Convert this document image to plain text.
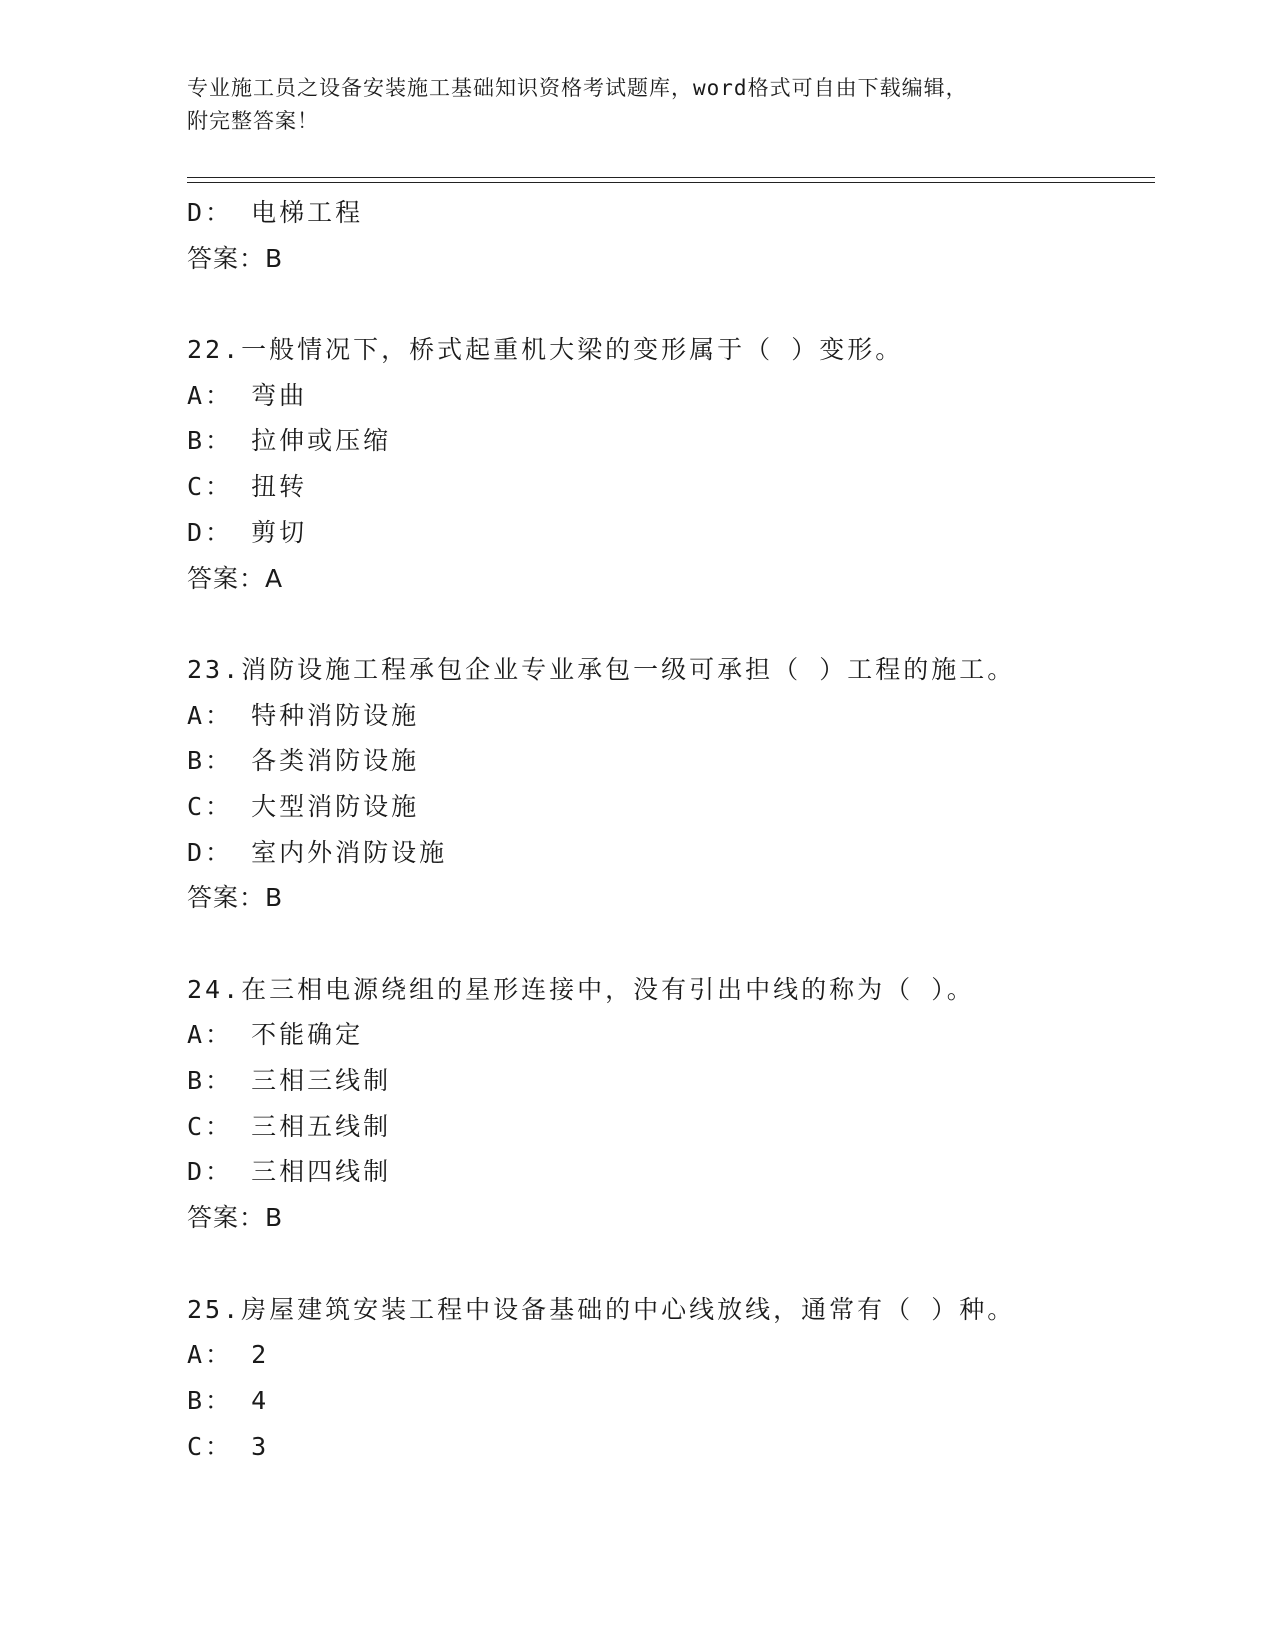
专业施工员之设备安装施工基础知识资格考试题库，word格式可自由下载编辑，
附完整答案！
D： 电梯工程
答案：B
22.一般情况下，桥式起重机大梁的变形属于（ ）变形。
A： 弯曲
B： 拉伸或压缩
C： 扭转
D： 剪切
答案：A
23.消防设施工程承包企业专业承包一级可承担（ ）工程的施工。
A： 特种消防设施
B： 各类消防设施
C： 大型消防设施
D： 室内外消防设施
答案：B
24.在三相电源绕组的星形连接中，没有引出中线的称为（ ）。
A： 不能确定
B： 三相三线制
C： 三相五线制
D： 三相四线制
答案：B
25.房屋建筑安装工程中设备基础的中心线放线，通常有（ ）种。
A： 2
B： 4
C： 3
